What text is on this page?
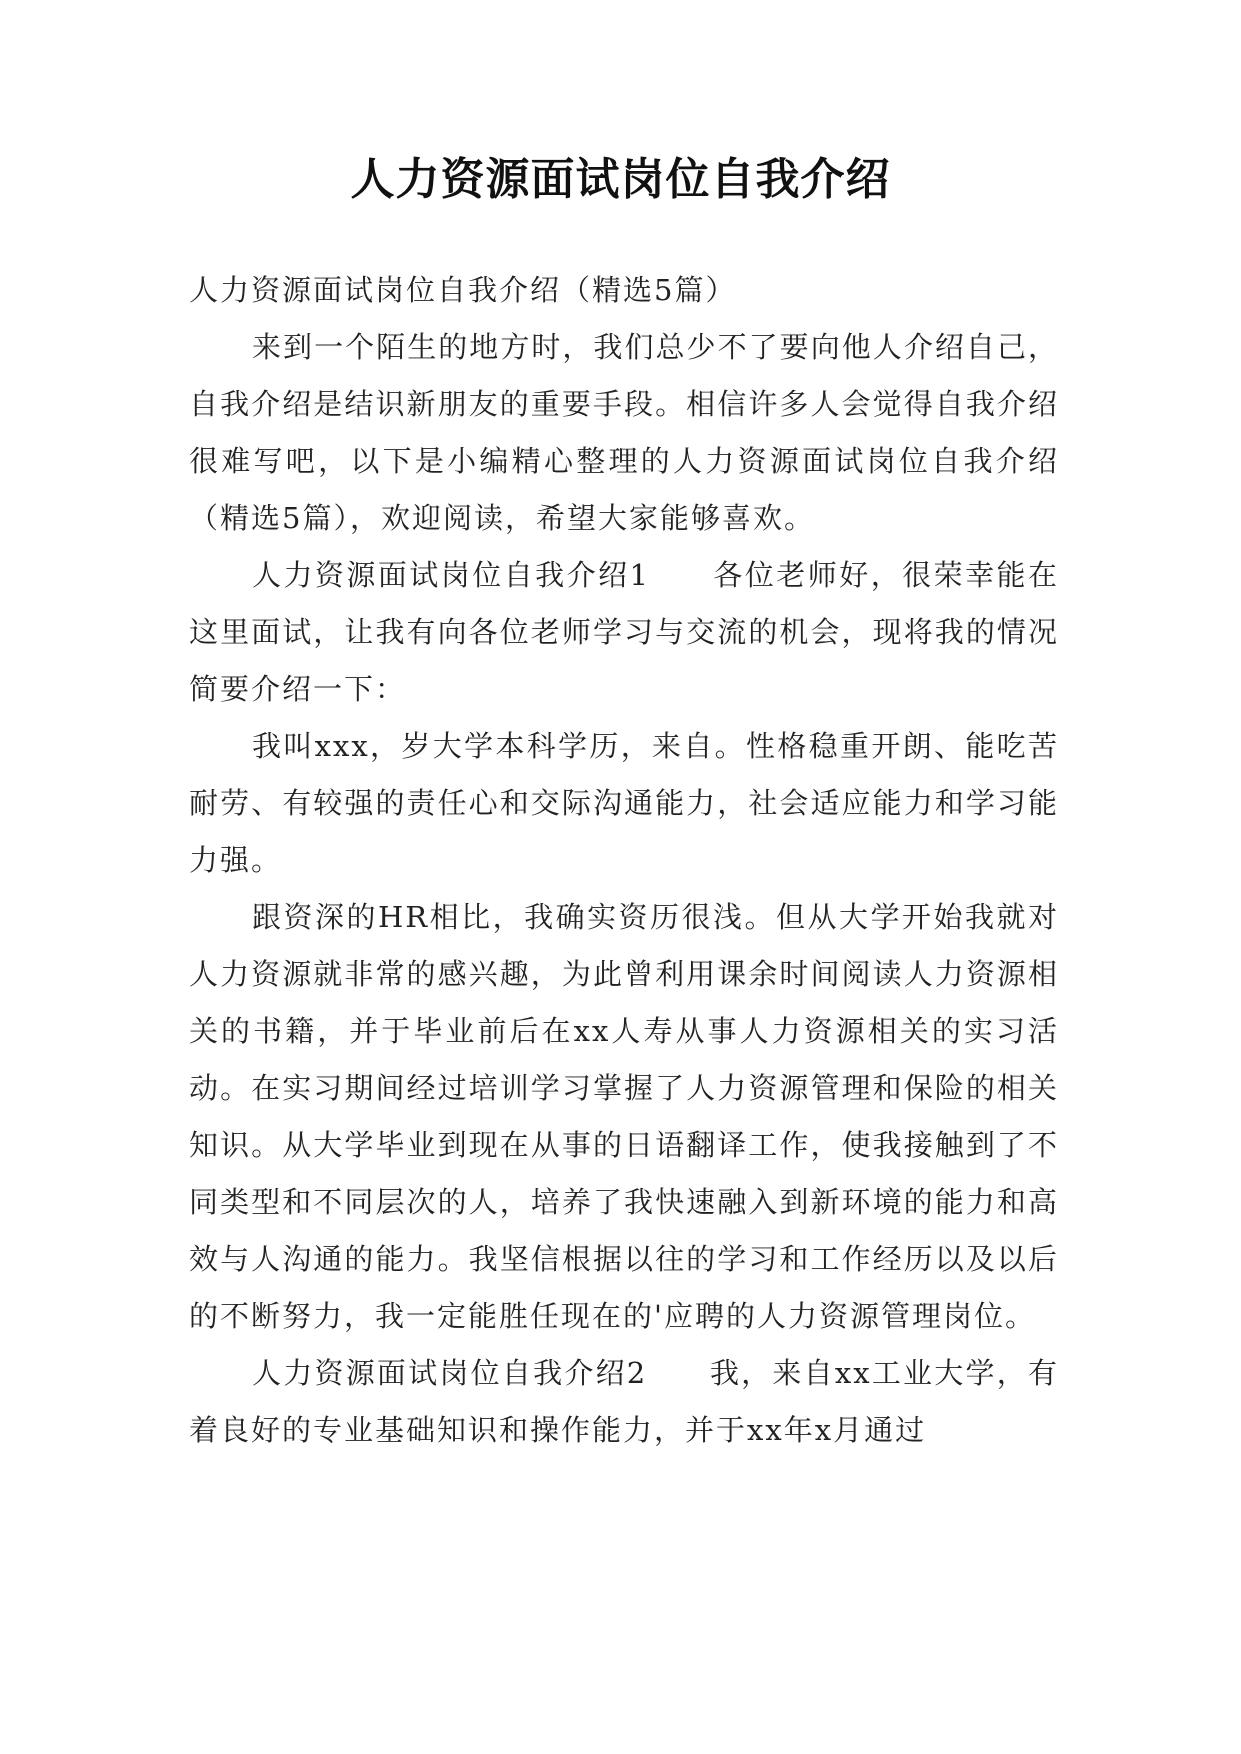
人力资源面试岗位自我介绍

人力资源面试岗位自我介绍（精选5篇）

来到一个陌生的地方时，我们总少不了要向他人介绍自己，自我介绍是结识新朋友的重要手段。相信许多人会觉得自我介绍很难写吧，以下是小编精心整理的人力资源面试岗位自我介绍（精选5篇），欢迎阅读，希望大家能够喜欢。

人力资源面试岗位自我介绍1　　各位老师好，很荣幸能在这里面试，让我有向各位老师学习与交流的机会，现将我的情况简要介绍一下：

我叫xxx，岁大学本科学历，来自。性格稳重开朗、能吃苦耐劳、有较强的责任心和交际沟通能力，社会适应能力和学习能力强。

跟资深的HR相比，我确实资历很浅。但从大学开始我就对人力资源就非常的感兴趣，为此曾利用课余时间阅读人力资源相关的书籍，并于毕业前后在xx人寿从事人力资源相关的实习活动。在实习期间经过培训学习掌握了人力资源管理和保险的相关知识。从大学毕业到现在从事的日语翻译工作，使我接触到了不同类型和不同层次的人，培养了我快速融入到新环境的能力和高效与人沟通的能力。我坚信根据以往的学习和工作经历以及以后的不断努力，我一定能胜任现在的'应聘的人力资源管理岗位。

人力资源面试岗位自我介绍2　　我，来自xx工业大学，有着良好的专业基础知识和操作能力，并于xx年x月通过
